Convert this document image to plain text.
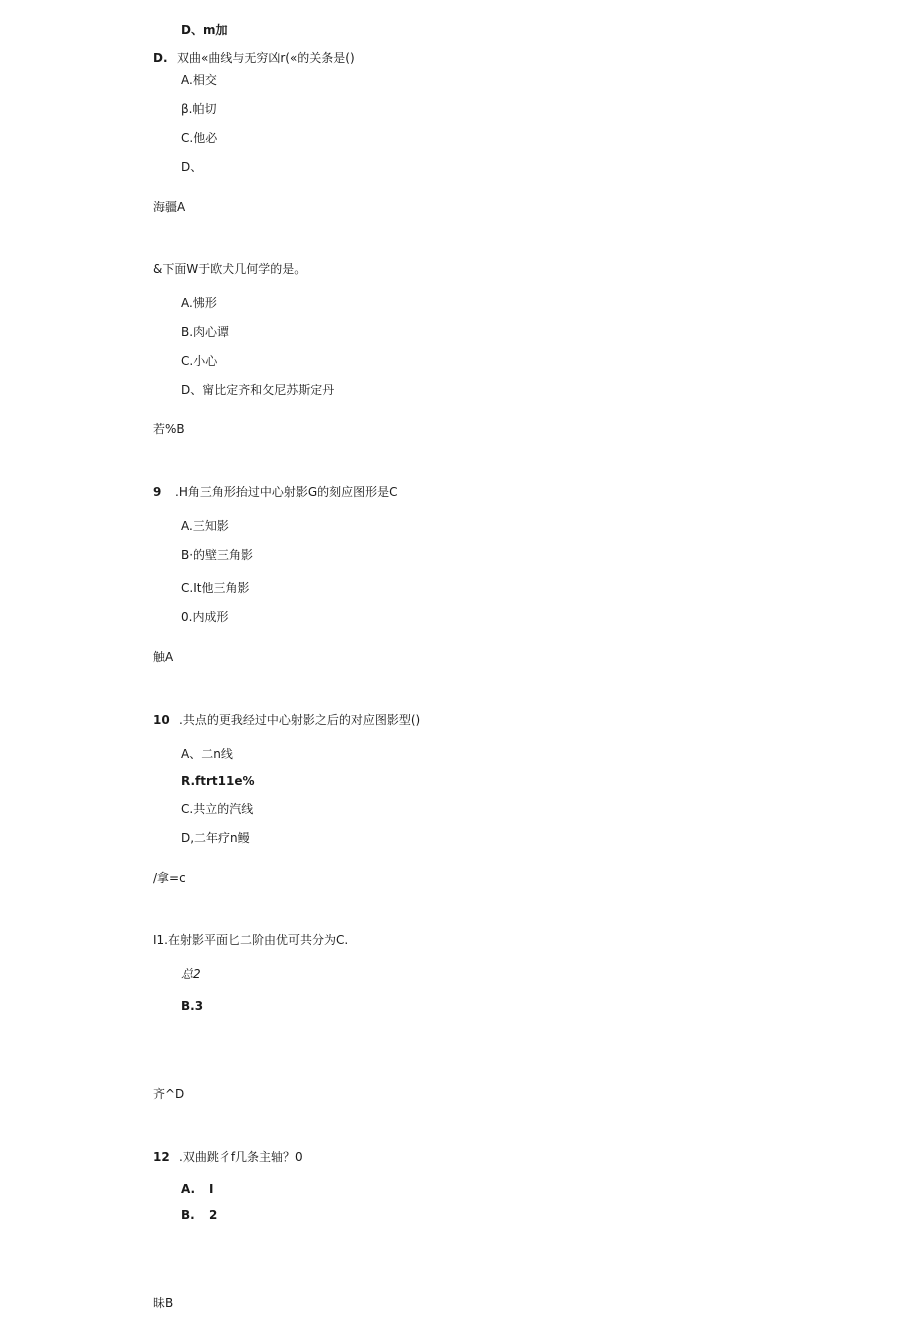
D、m加
D. 双曲«曲线与无穷凶r(«的关条是()
A.相交
β.帕切
C.他必
D、
海疆A
&下面W于欧犬几何学的是。
A.怫形
B.肉心谭
C.小心
D、甯比定齐和攵尼苏斯定丹
若%B
9 .H角三角形抬过中心射影G的刻应图形是C
A.三知影
B·的壁三角影
C.It他三角影
0.内成形
触A
10 .共点的更我经过中心射影之后的对应图影型()
A、二n线
R.ftrt11e%
C.共立的汽线
D,二年疗n鳗
/拿=c
I1.在射影平面匕二阶由优可共分为C.
总2
B.3
齐^D
12 .双曲跳彳f几条主轴？0
A. I
B. 2
昧B
